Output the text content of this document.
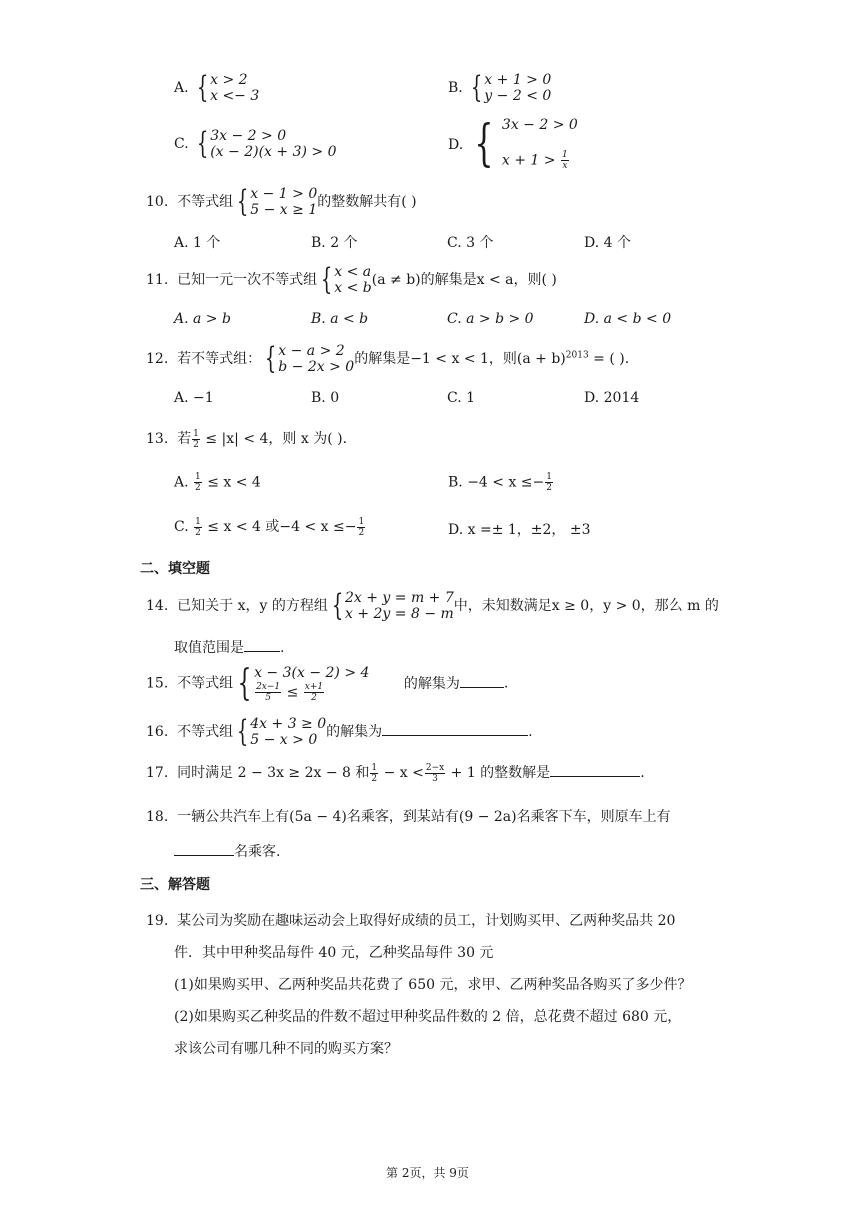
A. { x > 2
x <− 3	B. { x + 1 > 0
y − 2 < 0
C. { 3x − 2 > 0
(x − 2)(x + 3) > 0	D. { 3x − 2 > 0
$x + 1 > \frac{1}{x}$
10. 不等式组 { x − 1 > 0
5 − x ≥ 1 的整数解共有( )
A. 1 个	B. 2 个	C. 3 个	D. 4 个
11. 已知一元一次不等式组 { x < a
x < b (a ≠ b)的解集是x < a，则( )
A. a > b	B. a < b	C. a > b > 0	D. a < b < 0
12. 若不等式组： { x − a > 2
b − 2x > 0 的解集是−1 < x < 1，则$(a + b)^{2013}$ = ( ).
A. −1	B. 0	C. 1	D. 2014
13. 若 $\frac{1}{2} \le |x| < 4$，则 x 为( ).
A. $\frac{1}{2} \le x < 4$	B. $-4 < x \le- \frac{1}{2}$
C. $\frac{1}{2} \le x < 4$ 或$-4 < x \le- \frac{1}{2}$	D. x =± 1，±2， ±3
二、填空题
14. 已知关于 x，y 的方程组 { 2x + y = m + 7
x + 2y = 8 − m 中，未知数满足x ≥ 0，y > 0，那么 m 的
取值范围是	.
15. 不等式组 { x − 3(x − 2) > 4
$\frac{2x-1}{5} \le \frac{x+1}{2}$	的解集为	.
16. 不等式组 { 4x + 3 ≥ 0
5 − x > 0 的解集为	.
17. 同时满足 2 − 3x ≥ 2x − 8 和 $\frac{1}{2} - x < \frac{2-x}{3} + 1$ 的整数解是	.
18. 一辆公共汽车上有(5a − 4)名乘客，到某站有(9 − 2a)名乘客下车，则原车上有
名乘客.
三、解答题
19. 某公司为奖励在趣味运动会上取得好成绩的员工，计划购买甲、乙两种奖品共 20
件．其中甲种奖品每件 40 元，乙种奖品每件 30 元
(1)如果购买甲、乙两种奖品共花费了 650 元，求甲、乙两种奖品各购买了多少件？
(2)如果购买乙种奖品的件数不超过甲种奖品件数的 2 倍，总花费不超过 680 元，
求该公司有哪几种不同的购买方案？
第 2页，共 9页
